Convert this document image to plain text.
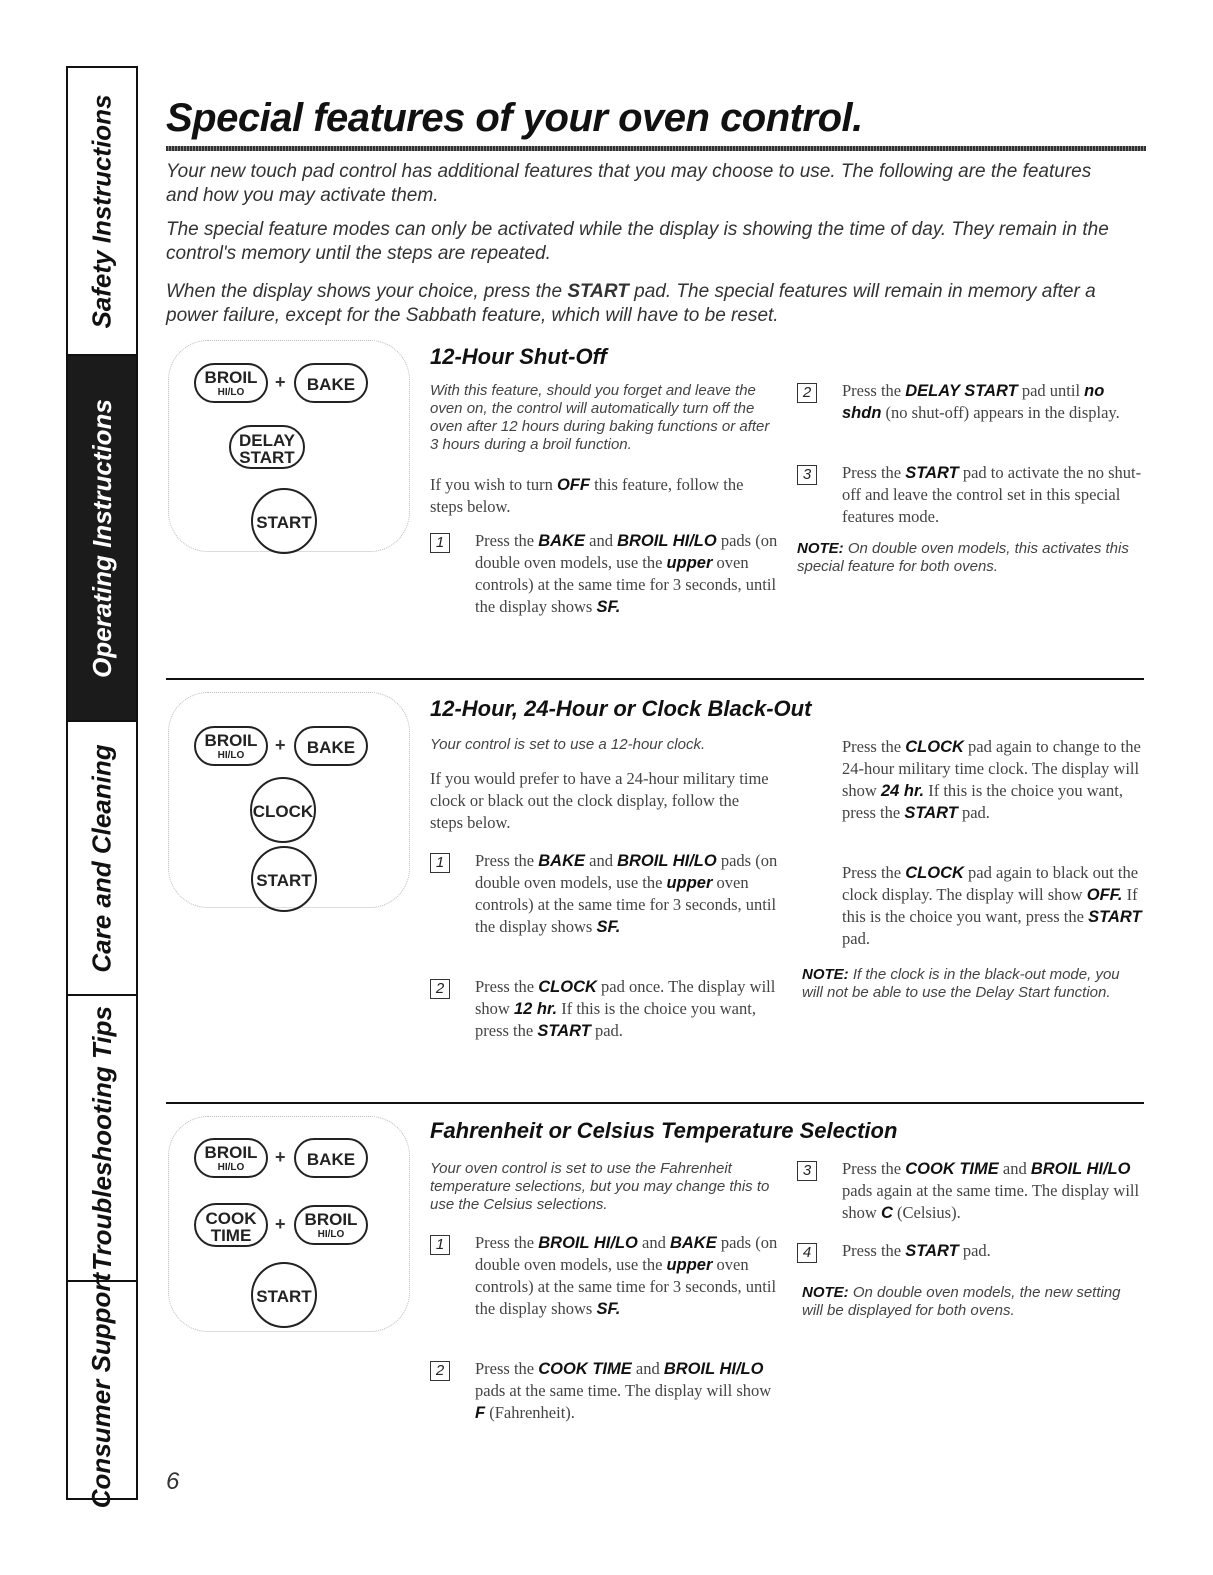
Safety Instructions
Operating Instructions
Care and Cleaning
Troubleshooting Tips
Consumer Support
Special features of your oven control.

Your new touch pad control has additional features that you may choose to use. The following are the features and how you may activate them.

The special feature modes can only be activated while the display is showing the time of day. They remain in the control's memory until the steps are repeated.

When the display shows your choice, press the START pad. The special features will remain in memory after a power failure, except for the Sabbath feature, which will have to be reset.

BROIL
HI/LO
+	BAKE
DELAY
START
START
12-Hour Shut-Off

With this feature, should you forget and leave the oven on, the control will automatically turn off the oven after 12 hours during baking functions or after 3 hours during a broil function.

If you wish to turn OFF this feature, follow the steps below.

1	Press the BAKE and BROIL HI/LO pads (on double oven models, use the upper oven controls) at the same time for 3 seconds, until the display shows SF.
2	Press the DELAY START pad until no shdn (no shut-off) appears in the display.
3	Press the START pad to activate the no shut-off and leave the control set in this special features mode.

NOTE: On double oven models, this activates this special feature for both ovens.

BROIL
HI/LO
+	BAKE
CLOCK
START
12-Hour, 24-Hour or Clock Black-Out

Your control is set to use a 12-hour clock.

If you would prefer to have a 24-hour military time clock or black out the clock display, follow the steps below.

1	Press the BAKE and BROIL HI/LO pads (on double oven models, use the upper oven controls) at the same time for 3 seconds, until the display shows SF.
2	Press the CLOCK pad once. The display will show 12 hr. If this is the choice you want, press the START pad.

Press the CLOCK pad again to change to the 24-hour military time clock. The display will show 24 hr. If this is the choice you want, press the START pad.

Press the CLOCK pad again to black out the clock display. The display will show OFF. If this is the choice you want, press the START pad.

NOTE: If the clock is in the black-out mode, you will not be able to use the Delay Start function.

BROIL
HI/LO
+	BAKE
COOK
TIME
+	BROIL
HI/LO
START
Fahrenheit or Celsius Temperature Selection

Your oven control is set to use the Fahrenheit temperature selections, but you may change this to use the Celsius selections.

1	Press the BROIL HI/LO and BAKE pads (on double oven models, use the upper oven controls) at the same time for 3 seconds, until the display shows SF.
2	Press the COOK TIME and BROIL HI/LO pads at the same time. The display will show F (Fahrenheit).
3	Press the COOK TIME and BROIL HI/LO pads again at the same time. The display will show C (Celsius).
4	Press the START pad.

NOTE: On double oven models, the new setting will be displayed for both ovens.

6
